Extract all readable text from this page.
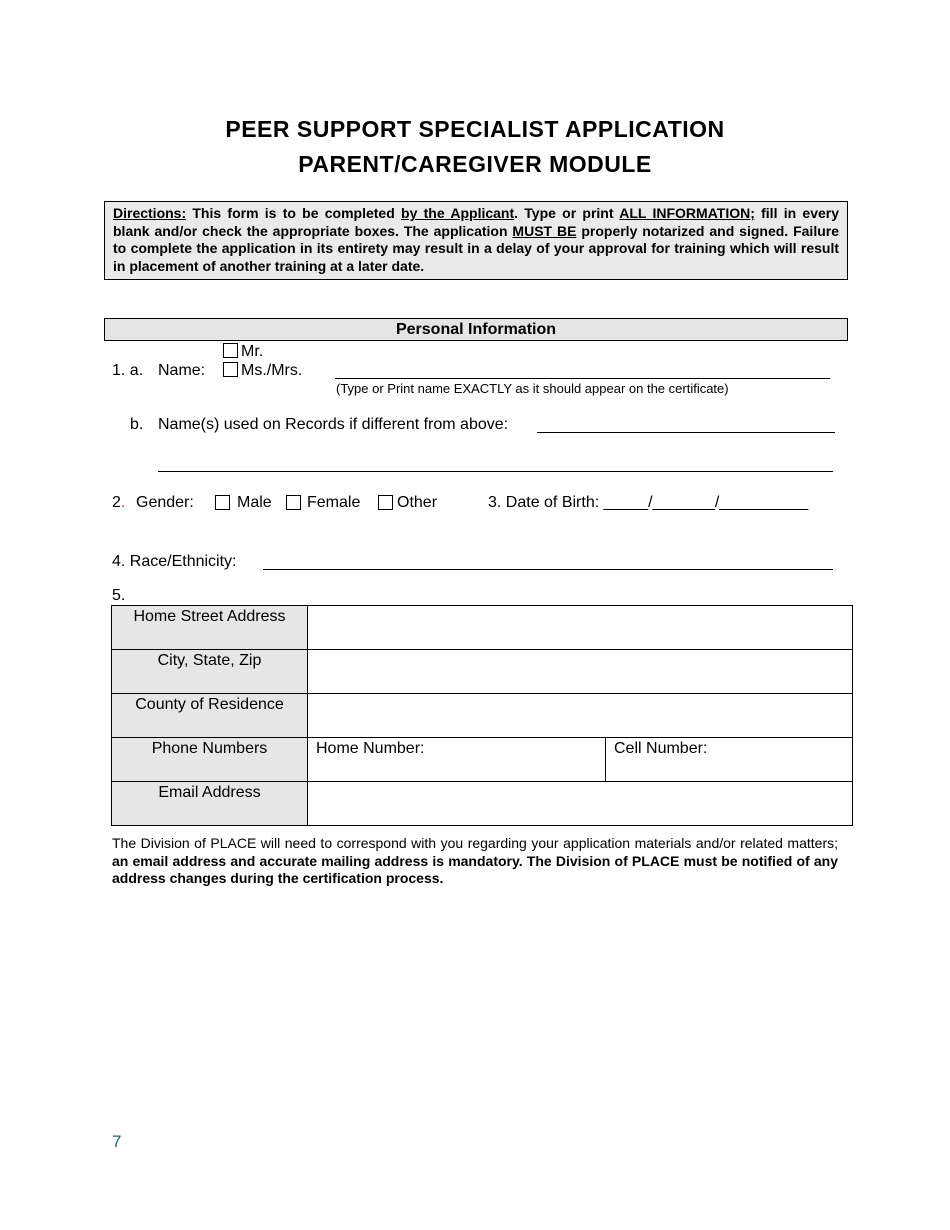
PEER SUPPORT SPECIALIST APPLICATION
PARENT/CAREGIVER MODULE
Directions: This form is to be completed by the Applicant. Type or print ALL INFORMATION; fill in every blank and/or check the appropriate boxes. The application MUST BE properly notarized and signed. Failure to complete the application in its entirety may result in a delay of your approval for training which will result in placement of another training at a later date.
Personal Information
1. a. Name:
Mr.
Ms./Mrs.
(Type or Print name EXACTLY as it should appear on the certificate)
b. Name(s) used on Records if different from above:
2. Gender:	Male Female Other	3. Date of Birth: _____/_______/__________
4. Race/Ethnicity:
5.
Home Street Address		
City, State, Zip		
County of Residence		
Phone Numbers	Home Number:	Cell Number:
Email Address		
The Division of PLACE will need to correspond with you regarding your application materials and/or related matters; an email address and accurate mailing address is mandatory. The Division of PLACE must be notified of any address changes during the certification process.
7
